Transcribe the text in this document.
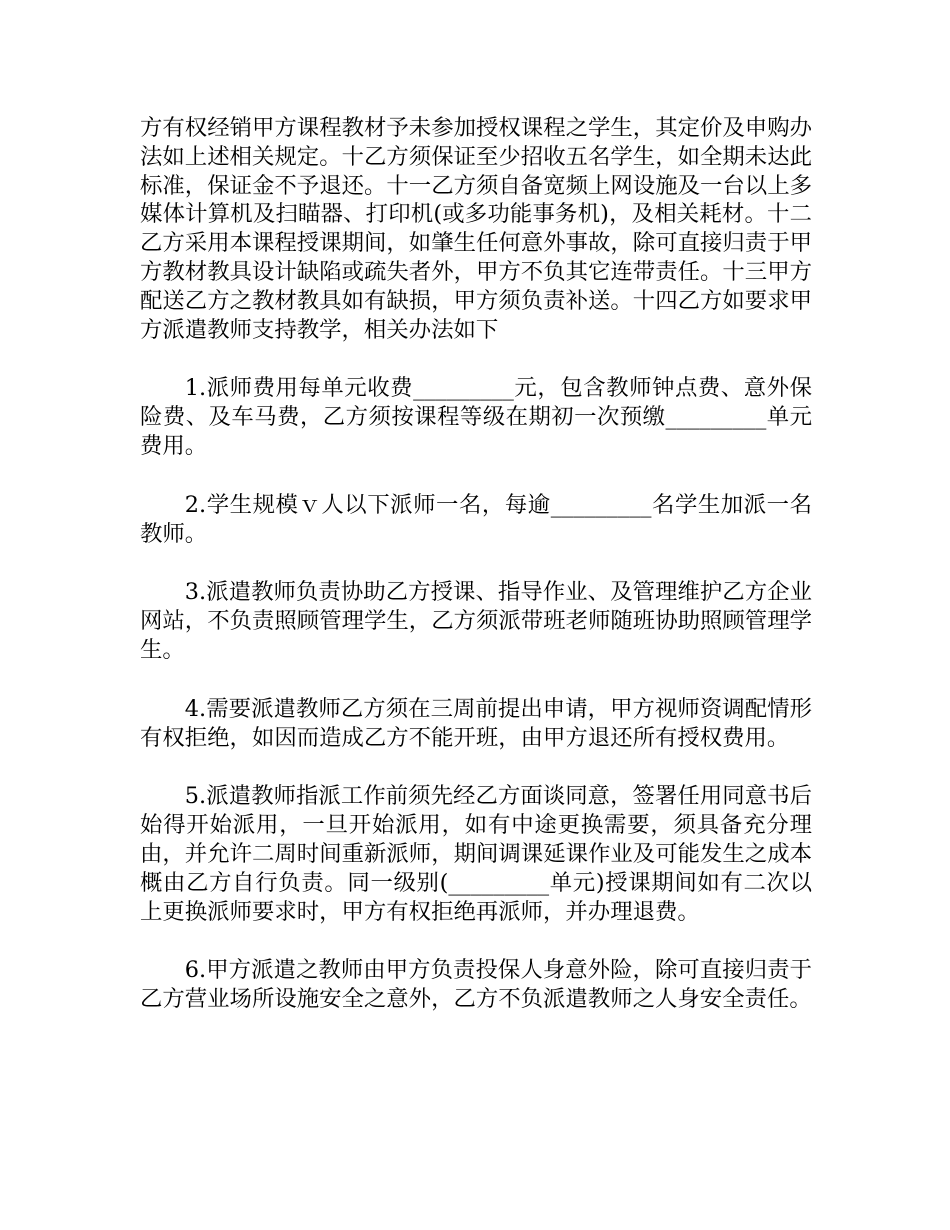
方有权经销甲方课程教材予未参加授权课程之学生，其定价及申购办法如上述相关规定。十乙方须保证至少招收五名学生，如全期未达此标准，保证金不予退还。十一乙方须自备宽频上网设施及一台以上多媒体计算机及扫瞄器、打印机(或多功能事务机)，及相关耗材。十二乙方采用本课程授课期间，如肇生任何意外事故，除可直接归责于甲方教材教具设计缺陷或疏失者外，甲方不负其它连带责任。十三甲方配送乙方之教材教具如有缺损，甲方须负责补送。十四乙方如要求甲方派遣教师支持教学，相关办法如下

1.派师费用每单元收费_________元，包含教师钟点费、意外保险费、及车马费，乙方须按课程等级在期初一次预缴_________单元费用。

2.学生规模ｖ人以下派师一名，每逾_________名学生加派一名教师。

3.派遣教师负责协助乙方授课、指导作业、及管理维护乙方企业网站，不负责照顾管理学生，乙方须派带班老师随班协助照顾管理学生。

4.需要派遣教师乙方须在三周前提出申请，甲方视师资调配情形有权拒绝，如因而造成乙方不能开班，由甲方退还所有授权费用。

5.派遣教师指派工作前须先经乙方面谈同意，签署任用同意书后始得开始派用，一旦开始派用，如有中途更换需要，须具备充分理由，并允许二周时间重新派师，期间调课延课作业及可能发生之成本概由乙方自行负责。同一级别(_________单元)授课期间如有二次以上更换派师要求时，甲方有权拒绝再派师，并办理退费。

6.甲方派遣之教师由甲方负责投保人身意外险，除可直接归责于乙方营业场所设施安全之意外，乙方不负派遣教师之人身安全责任。
